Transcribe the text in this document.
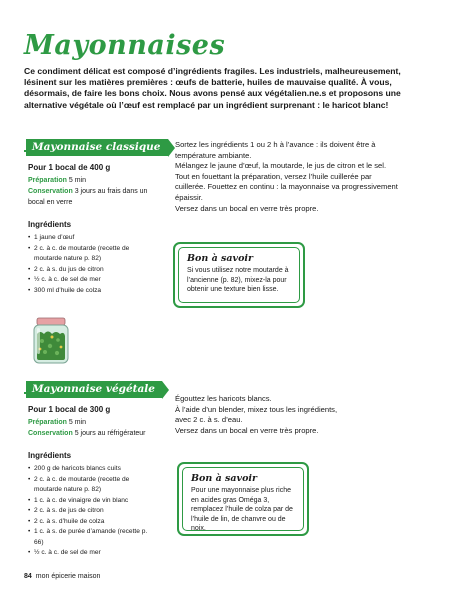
Mayonnaises
Ce condiment délicat est composé d’ingrédients fragiles. Les industriels, malheureusement, lésinent sur les matières premières : œufs de batterie, huiles de mauvaise qualité. À vous, désormais, de faire les bons choix. Nous avons pensé aux végétalien.ne.s et proposons une alternative végétale où l’œuf est remplacé par un ingrédient surprenant : le haricot blanc!
Mayonnaise classique
Pour 1 bocal de 400 g
Préparation 5 min
Conservation 3 jours au frais dans un bocal en verre
Ingrédients
• 1 jaune d’œuf
• 2 c. à c. de moutarde (recette de moutarde nature p. 82)
• 2 c. à s. du jus de citron
• ½ c. à c. de sel de mer
• 300 ml d’huile de colza

Sortez les ingrédients 1 ou 2 h à l’avance : ils doivent être à température ambiante.

Mélangez le jaune d’œuf, la moutarde, le jus de citron et le sel.

Tout en fouettant la préparation, versez l’huile cuillerée par cuillerée. Fouettez en continu : la mayonnaise va progressivement épaissir.

Versez dans un bocal en verre très propre.

Bon à savoir
Si vous utilisez notre moutarde à l’ancienne (p. 82), mixez-la pour obtenir une texture bien lisse.
Mayonnaise végétale
Pour 1 bocal de 300 g
Préparation 5 min
Conservation 5 jours au réfrigérateur
Ingrédients
• 200 g de haricots blancs cuits
• 2 c. à c. de moutarde (recette de moutarde nature p. 82)
• 1 c. à c. de vinaigre de vin blanc
• 2 c. à s. de jus de citron
• 2 c. à s. d’huile de colza
• 1 c. à s. de purée d’amande (recette p. 66)
• ½ c. à c. de sel de mer

Égouttez les haricots blancs.

À l’aide d’un blender, mixez tous les ingrédients, avec 2 c. à s. d’eau.

Versez dans un bocal en verre très propre.

Bon à savoir
Pour une mayonnaise plus riche en acides gras Oméga 3, remplacez l’huile de colza par de l’huile de lin, de chanvre ou de noix.
84 mon épicerie maison
